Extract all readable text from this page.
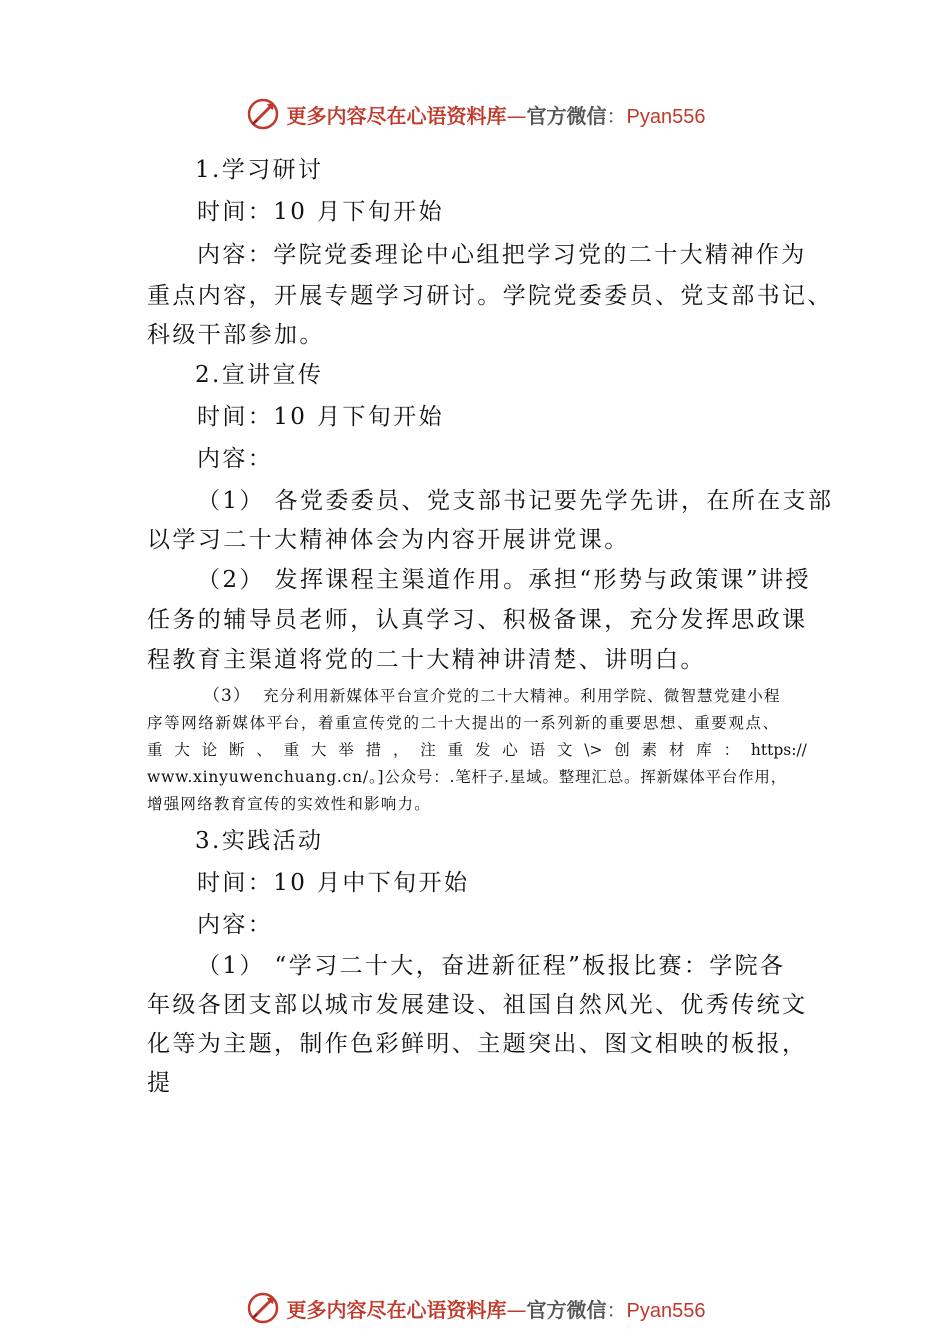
更多内容尽在心语资料库—官方微信：Pyan556
1.学习研讨
时间：10 月下旬开始
内容：学院党委理论中心组把学习党的二十大精神作为
重点内容，开展专题学习研讨。学院党委委员、党支部书记、
科级干部参加。
2.宣讲宣传
时间：10 月下旬开始
内容：
（1） 各党委委员、党支部书记要先学先讲，在所在支部
以学习二十大精神体会为内容开展讲党课。
（2） 发挥课程主渠道作用。承担“形势与政策课”讲授
任务的辅导员老师，认真学习、积极备课，充分发挥思政课
程教育主渠道将党的二十大精神讲清楚、讲明白。
（3） 充分利用新媒体平台宣介党的二十大精神。利用学院、微智慧党建小程
序等网络新媒体平台，着重宣传党的二十大提出的一系列新的重要思想、重要观点、
重 大 论 断 、 重 大 举 措 ， 注 重 发 心 语 文 \> 创 素 材 库 ： https://
www.xinyuwenchuang.cn/。]公众号：.笔杆子.星域。整理汇总。挥新媒体平台作用，
增强网络教育宣传的实效性和影响力。
3.实践活动
时间：10 月中下旬开始
内容：
（1） “学习二十大，奋进新征程”板报比赛：学院各
年级各团支部以城市发展建设、祖国自然风光、优秀传统文
化等为主题，制作色彩鲜明、主题突出、图文相映的板报，
提
更多内容尽在心语资料库—官方微信：Pyan556
